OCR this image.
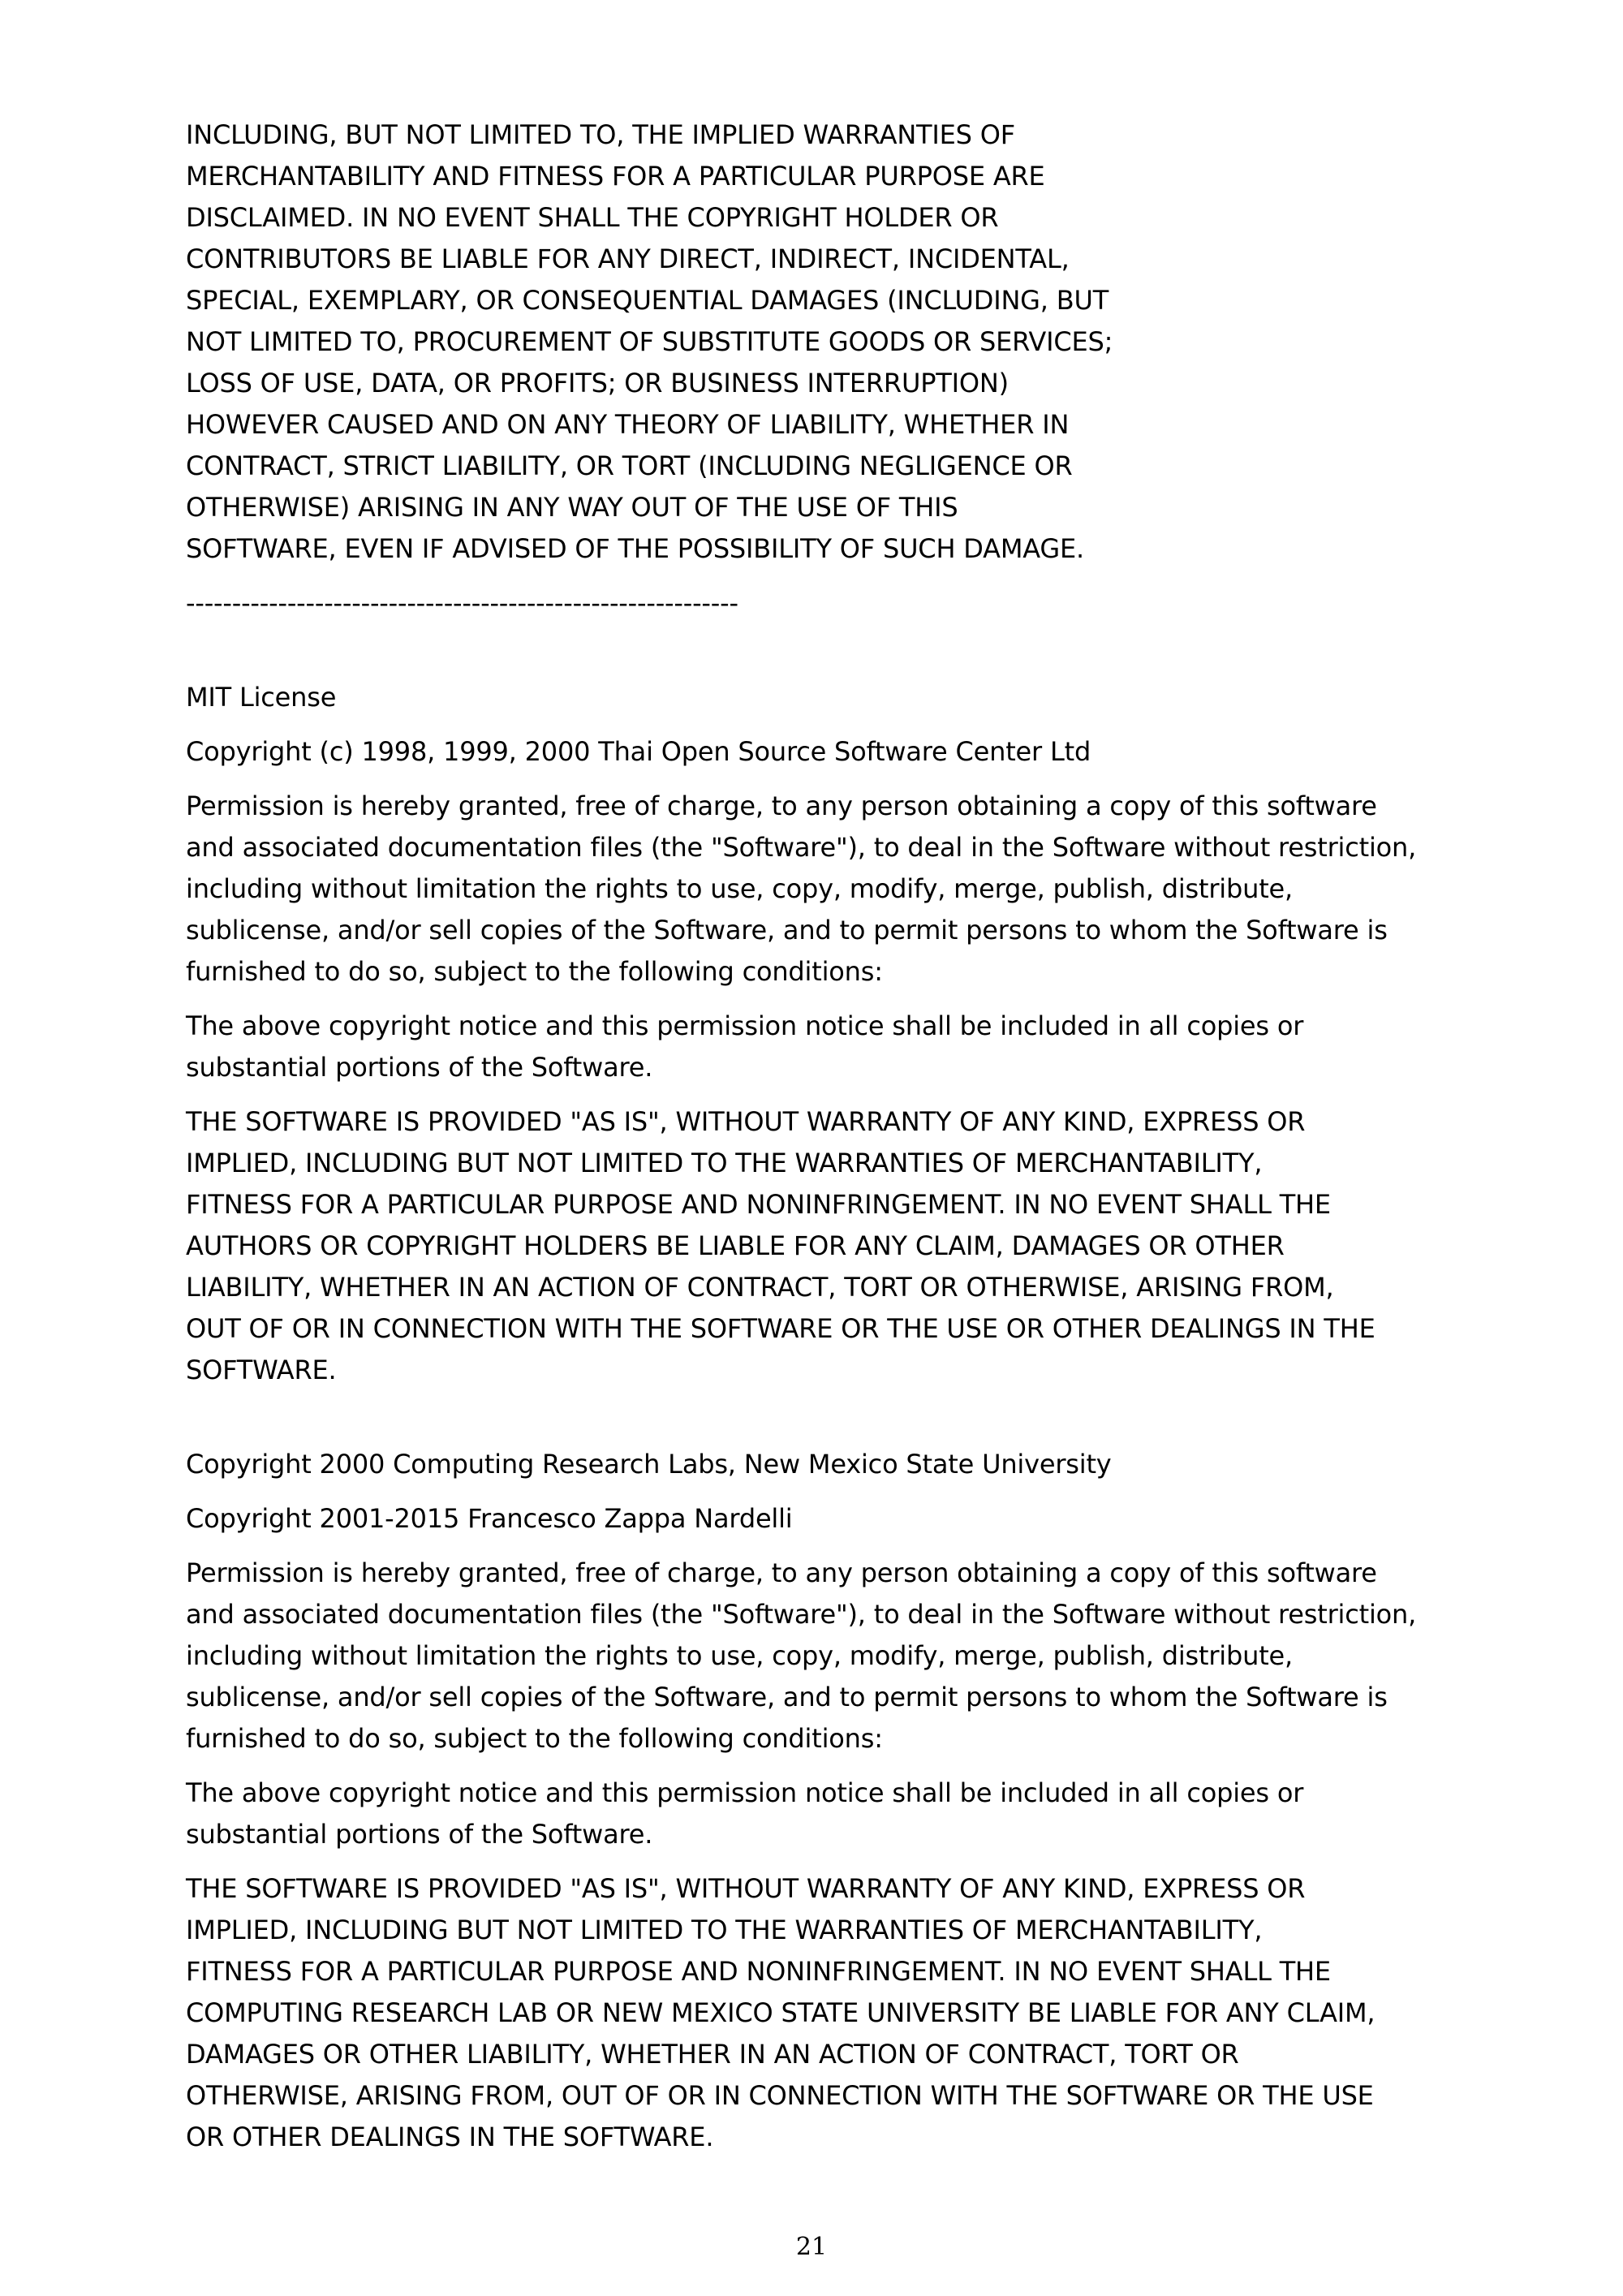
INCLUDING, BUT NOT LIMITED TO, THE IMPLIED WARRANTIES OF
MERCHANTABILITY AND FITNESS FOR A PARTICULAR PURPOSE ARE
DISCLAIMED. IN NO EVENT SHALL THE COPYRIGHT HOLDER OR
CONTRIBUTORS BE LIABLE FOR ANY DIRECT, INDIRECT, INCIDENTAL,
SPECIAL, EXEMPLARY, OR CONSEQUENTIAL DAMAGES (INCLUDING, BUT
NOT LIMITED TO, PROCUREMENT OF SUBSTITUTE GOODS OR SERVICES;
LOSS OF USE, DATA, OR PROFITS; OR BUSINESS INTERRUPTION)
HOWEVER CAUSED AND ON ANY THEORY OF LIABILITY, WHETHER IN
CONTRACT, STRICT LIABILITY, OR TORT (INCLUDING NEGLIGENCE OR
OTHERWISE) ARISING IN ANY WAY OUT OF THE USE OF THIS
SOFTWARE, EVEN IF ADVISED OF THE POSSIBILITY OF SUCH DAMAGE.
------------------------------------------------------------
MIT License
Copyright (c) 1998, 1999, 2000 Thai Open Source Software Center Ltd
Permission is hereby granted, free of charge, to any person obtaining a copy of this software
and associated documentation files (the "Software"), to deal in the Software without restriction,
including without limitation the rights to use, copy, modify, merge, publish, distribute,
sublicense, and/or sell copies of the Software, and to permit persons to whom the Software is
furnished to do so, subject to the following conditions:
The above copyright notice and this permission notice shall be included in all copies or
substantial portions of the Software.
THE SOFTWARE IS PROVIDED "AS IS", WITHOUT WARRANTY OF ANY KIND, EXPRESS OR
IMPLIED, INCLUDING BUT NOT LIMITED TO THE WARRANTIES OF MERCHANTABILITY,
FITNESS FOR A PARTICULAR PURPOSE AND NONINFRINGEMENT. IN NO EVENT SHALL THE
AUTHORS OR COPYRIGHT HOLDERS BE LIABLE FOR ANY CLAIM, DAMAGES OR OTHER
LIABILITY, WHETHER IN AN ACTION OF CONTRACT, TORT OR OTHERWISE, ARISING FROM,
OUT OF OR IN CONNECTION WITH THE SOFTWARE OR THE USE OR OTHER DEALINGS IN THE
SOFTWARE.
Copyright 2000 Computing Research Labs, New Mexico State University
Copyright 2001-2015 Francesco Zappa Nardelli
Permission is hereby granted, free of charge, to any person obtaining a copy of this software
and associated documentation files (the "Software"), to deal in the Software without restriction,
including without limitation the rights to use, copy, modify, merge, publish, distribute,
sublicense, and/or sell copies of the Software, and to permit persons to whom the Software is
furnished to do so, subject to the following conditions:
The above copyright notice and this permission notice shall be included in all copies or
substantial portions of the Software.
THE SOFTWARE IS PROVIDED "AS IS", WITHOUT WARRANTY OF ANY KIND, EXPRESS OR
IMPLIED, INCLUDING BUT NOT LIMITED TO THE WARRANTIES OF MERCHANTABILITY,
FITNESS FOR A PARTICULAR PURPOSE AND NONINFRINGEMENT. IN NO EVENT SHALL THE
COMPUTING RESEARCH LAB OR NEW MEXICO STATE UNIVERSITY BE LIABLE FOR ANY CLAIM,
DAMAGES OR OTHER LIABILITY, WHETHER IN AN ACTION OF CONTRACT, TORT OR
OTHERWISE, ARISING FROM, OUT OF OR IN CONNECTION WITH THE SOFTWARE OR THE USE
OR OTHER DEALINGS IN THE SOFTWARE.
21
